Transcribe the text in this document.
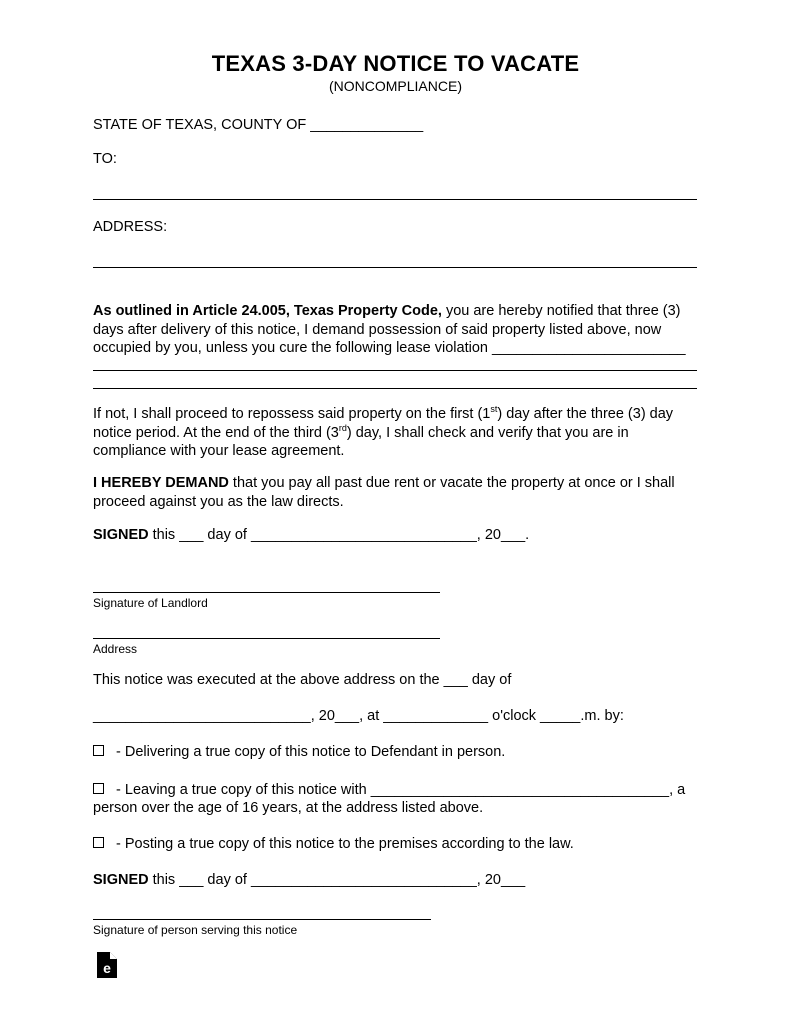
TEXAS 3-DAY NOTICE TO VACATE
(NONCOMPLIANCE)
STATE OF TEXAS, COUNTY OF ______________
TO:
ADDRESS:
As outlined in Article 24.005, Texas Property Code, you are hereby notified that three (3) days after delivery of this notice, I demand possession of said property listed above, now occupied by you, unless you cure the following lease violation ________________________
If not, I shall proceed to repossess said property on the first (1st) day after the three (3) day notice period. At the end of the third (3rd) day, I shall check and verify that you are in compliance with your lease agreement.
I HEREBY DEMAND that you pay all past due rent or vacate the property at once or I shall proceed against you as the law directs.
SIGNED this ___ day of ____________________________, 20___.
Signature of Landlord
Address
This notice was executed at the above address on the ___ day of
___________________________, 20___, at _____________ o'clock _____.m. by:
- Delivering a true copy of this notice to Defendant in person.
- Leaving a true copy of this notice with _____________________________________, a
person over the age of 16 years, at the address listed above.
- Posting a true copy of this notice to the premises according to the law.
SIGNED this ___ day of ____________________________, 20___
Signature of person serving this notice
e
